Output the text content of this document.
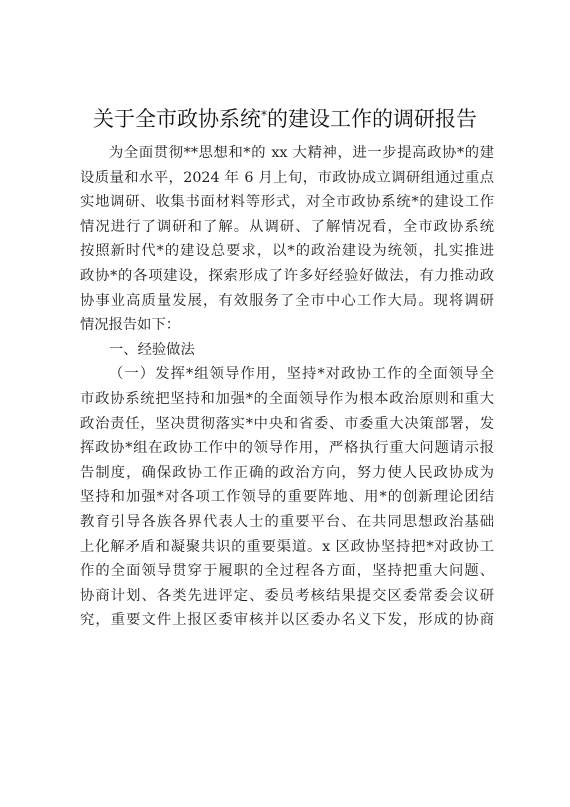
关于全市政协系统*的建设工作的调研报告
为全面贯彻**思想和*的 xx 大精神，进一步提高政协*的建
设质量和水平，2024 年 6 月上旬，市政协成立调研组通过重点
实地调研、收集书面材料等形式，对全市政协系统*的建设工作
情况进行了调研和了解。从调研、了解情况看，全市政协系统
按照新时代*的建设总要求，以*的政治建设为统领，扎实推进
政协*的各项建设，探索形成了许多好经验好做法，有力推动政
协事业高质量发展，有效服务了全市中心工作大局。现将调研
情况报告如下：
一、经验做法
（一）发挥*组领导作用，坚持*对政协工作的全面领导全
市政协系统把坚持和加强*的全面领导作为根本政治原则和重大
政治责任，坚决贯彻落实*中央和省委、市委重大决策部署，发
挥政协*组在政协工作中的领导作用，严格执行重大问题请示报
告制度，确保政协工作正确的政治方向，努力使人民政协成为
坚持和加强*对各项工作领导的重要阵地、用*的创新理论团结
教育引导各族各界代表人士的重要平台、在共同思想政治基础
上化解矛盾和凝聚共识的重要渠道。x 区政协坚持把*对政协工
作的全面领导贯穿于履职的全过程各方面，坚持把重大问题、
协商计划、各类先进评定、委员考核结果提交区委常委会议研
究，重要文件上报区委审核并以区委办名义下发，形成的协商
